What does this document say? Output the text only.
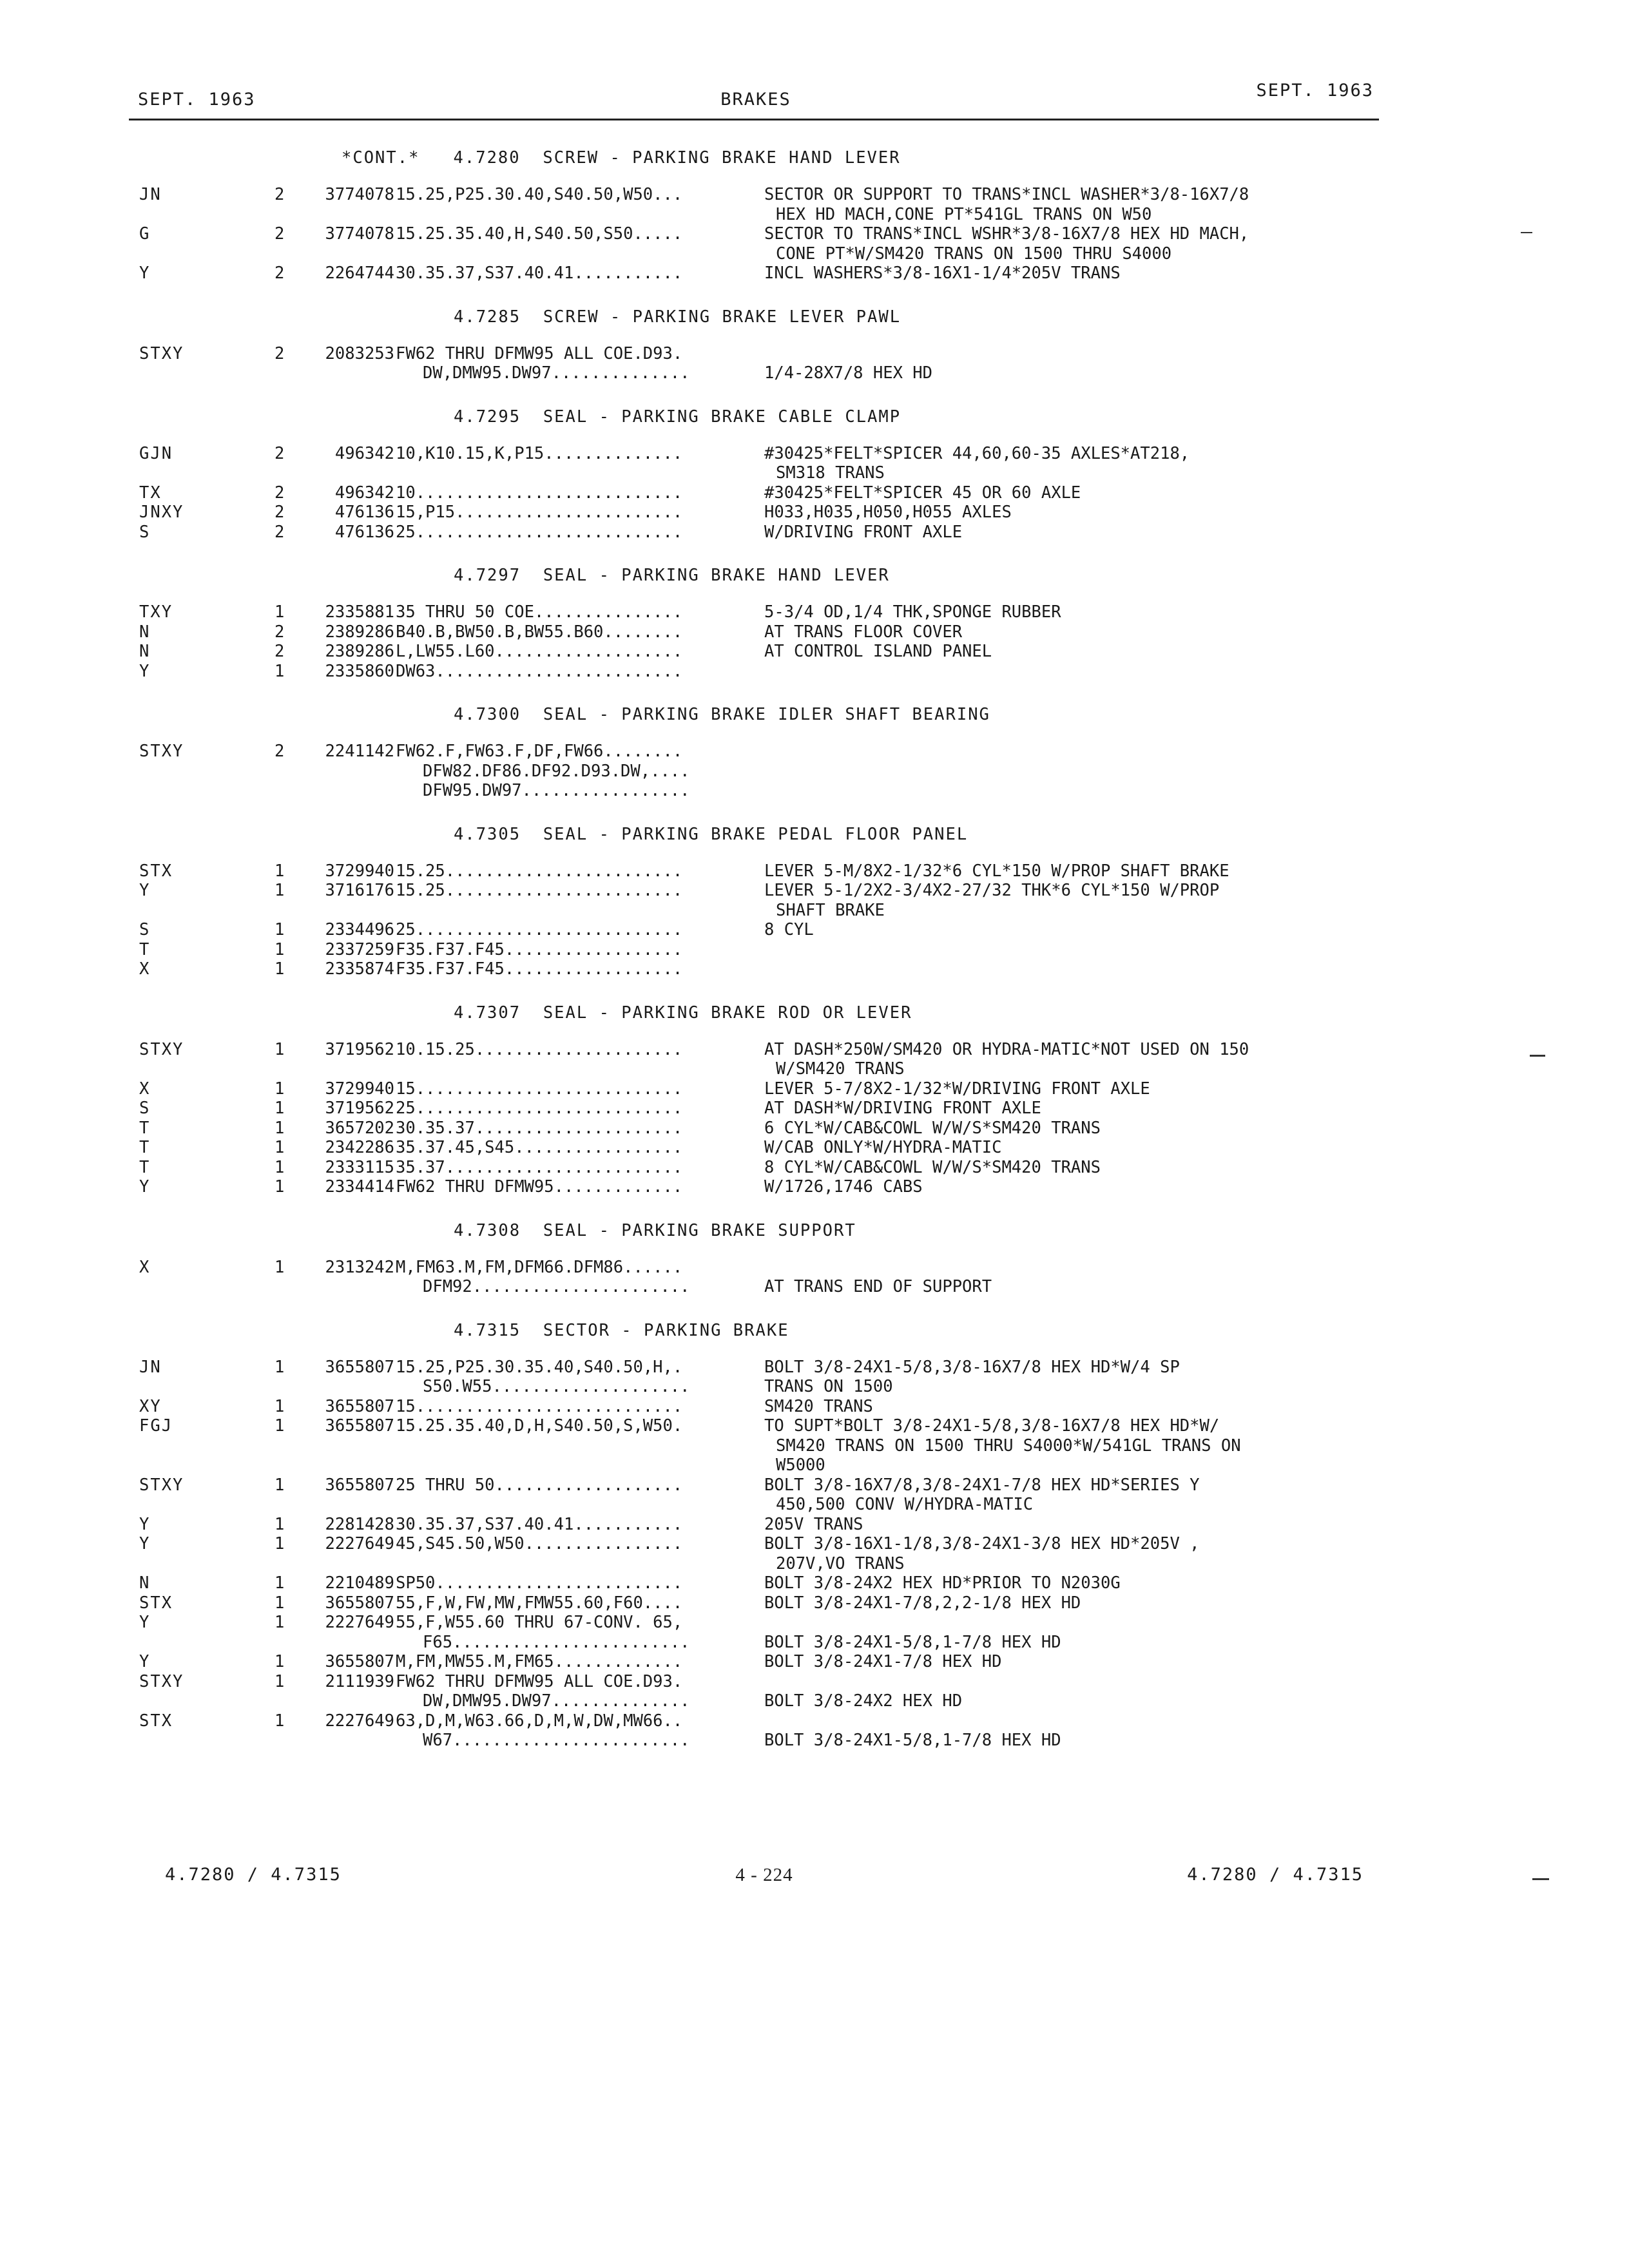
SEPT. 1963	BRAKES	SEPT. 1963
*CONT.*   4.7280  SCREW - PARKING BRAKE HAND LEVER
JN	2	3774078 15.25,P25.30.40,S40.50,W50...	SECTOR OR SUPPORT TO TRANS*INCL WASHER*3/8-16X7/8
HEX HD MACH,CONE PT*541GL TRANS ON W50
G	2	3774078 15.25.35.40,H,S40.50,S50.....	SECTOR TO TRANS*INCL WSHR*3/8-16X7/8 HEX HD MACH,
CONE PT*W/SM420 TRANS ON 1500 THRU S4000
Y	2	2264744 30.35.37,S37.40.41...........	INCL WASHERS*3/8-16X1-1/4*205V TRANS
4.7285  SCREW - PARKING BRAKE LEVER PAWL
STXY	2	2083253 FW62 THRU DFMW95 ALL COE.D93.
DW,DMW95.DW97..............	1/4-28X7/8 HEX HD
4.7295  SEAL - PARKING BRAKE CABLE CLAMP
GJN	2	496342 10,K10.15,K,P15..............	#30425*FELT*SPICER 44,60,60-35 AXLES*AT218,
SM318 TRANS
TX	2	496342 10...........................	#30425*FELT*SPICER 45 OR 60 AXLE
JNXY	2	476136 15,P15.......................	H033,H035,H050,H055 AXLES
S	2	476136 25...........................	W/DRIVING FRONT AXLE
4.7297  SEAL - PARKING BRAKE HAND LEVER
TXY	1	2335881 35 THRU 50 COE...............	5-3/4 OD,1/4 THK,SPONGE RUBBER
N	2	2389286 B40.B,BW50.B,BW55.B60........	AT TRANS FLOOR COVER
N	2	2389286 L,LW55.L60...................	AT CONTROL ISLAND PANEL
Y	1	2335860 DW63.........................
4.7300  SEAL - PARKING BRAKE IDLER SHAFT BEARING
STXY	2	2241142 FW62.F,FW63.F,DF,FW66........
DFW82.DF86.DF92.D93.DW,....
DFW95.DW97.................
4.7305  SEAL - PARKING BRAKE PEDAL FLOOR PANEL
STX	1	3729940 15.25........................	LEVER 5-M/8X2-1/32*6 CYL*150 W/PROP SHAFT BRAKE
Y	1	3716176 15.25........................	LEVER 5-1/2X2-3/4X2-27/32 THK*6 CYL*150 W/PROP
SHAFT BRAKE
S	1	2334496 25...........................	8 CYL
T	1	2337259 F35.F37.F45..................
X	1	2335874 F35.F37.F45..................
4.7307  SEAL - PARKING BRAKE ROD OR LEVER
STXY	1	3719562 10.15.25.....................	AT DASH*250W/SM420 OR HYDRA-MATIC*NOT USED ON 150
W/SM420 TRANS
X	1	3729940 15...........................	LEVER 5-7/8X2-1/32*W/DRIVING FRONT AXLE
S	1	3719562 25...........................	AT DASH*W/DRIVING FRONT AXLE
T	1	3657202 30.35.37.....................	6 CYL*W/CAB&COWL W/W/S*SM420 TRANS
T	1	2342286 35.37.45,S45.................	W/CAB ONLY*W/HYDRA-MATIC
T	1	2333115 35.37........................	8 CYL*W/CAB&COWL W/W/S*SM420 TRANS
Y	1	2334414 FW62 THRU DFMW95.............	W/1726,1746 CABS
4.7308  SEAL - PARKING BRAKE SUPPORT
X	1	2313242 M,FM63.M,FM,DFM66.DFM86......
DFM92......................	AT TRANS END OF SUPPORT
4.7315  SECTOR - PARKING BRAKE
JN	1	3655807 15.25,P25.30.35.40,S40.50,H,.	BOLT 3/8-24X1-5/8,3/8-16X7/8 HEX HD*W/4 SP
S50.W55....................	TRANS ON 1500
XY	1	3655807 15...........................	SM420 TRANS
FGJ	1	3655807 15.25.35.40,D,H,S40.50,S,W50.	TO SUPT*BOLT 3/8-24X1-5/8,3/8-16X7/8 HEX HD*W/
SM420 TRANS ON 1500 THRU S4000*W/541GL TRANS ON
W5000
STXY	1	3655807 25 THRU 50...................	BOLT 3/8-16X7/8,3/8-24X1-7/8 HEX HD*SERIES Y
450,500 CONV W/HYDRA-MATIC
Y	1	2281428 30.35.37,S37.40.41...........	205V TRANS
Y	1	2227649 45,S45.50,W50................	BOLT 3/8-16X1-1/8,3/8-24X1-3/8 HEX HD*205V ,
207V,VO TRANS
N	1	2210489 SP50.........................	BOLT 3/8-24X2 HEX HD*PRIOR TO N2030G
STX	1	3655807 55,F,W,FW,MW,FMW55.60,F60....	BOLT 3/8-24X1-7/8,2,2-1/8 HEX HD
Y	1	2227649 55,F,W55.60 THRU 67-CONV. 65,
F65........................	BOLT 3/8-24X1-5/8,1-7/8 HEX HD
Y	1	3655807 M,FM,MW55.M,FM65.............	BOLT 3/8-24X1-7/8 HEX HD
STXY	1	2111939 FW62 THRU DFMW95 ALL COE.D93.
DW,DMW95.DW97..............	BOLT 3/8-24X2 HEX HD
STX	1	2227649 63,D,M,W63.66,D,M,W,DW,MW66..
W67........................	BOLT 3/8-24X1-5/8,1-7/8 HEX HD
4.7280 / 4.7315	4 - 224	4.7280 / 4.7315
